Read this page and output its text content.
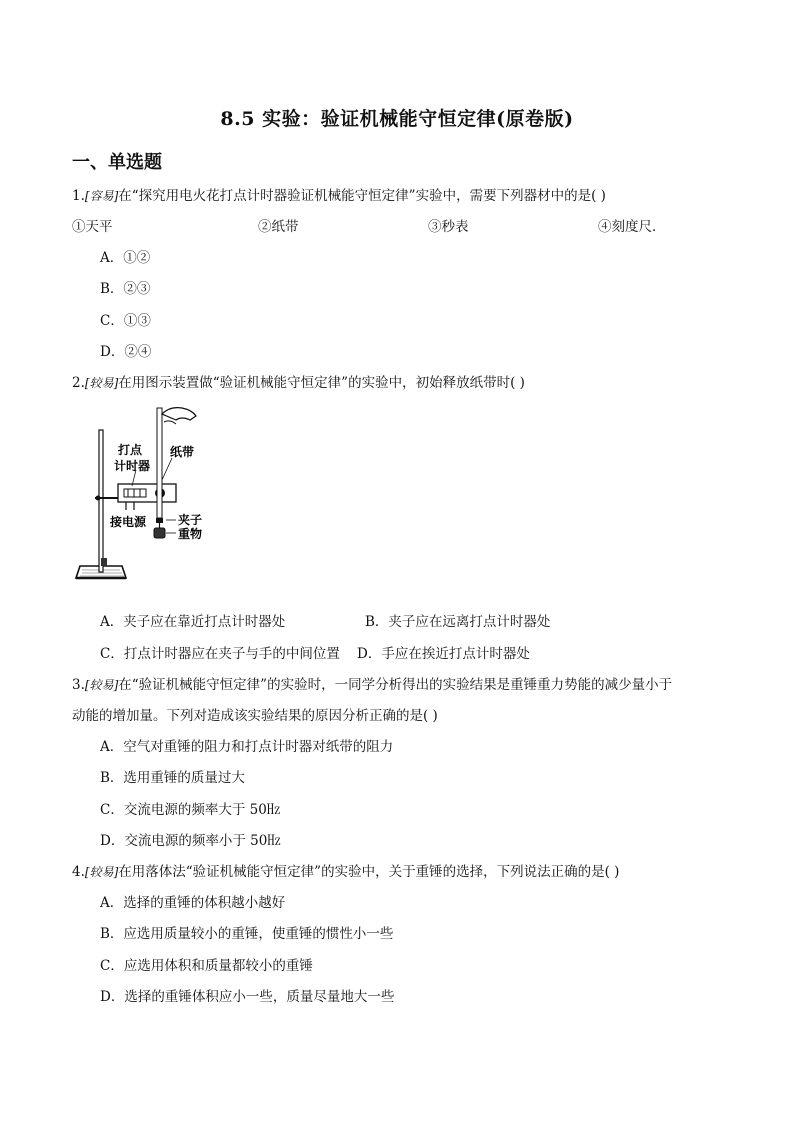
8.5 实验：验证机械能守恒定律(原卷版)
一、单选题
1.[容易]在“探究用电火花打点计时器验证机械能守恒定律”实验中，需要下列器材中的是( )
①天平	②纸带	③秒表	④刻度尺．
A．①②
B．②③
C．①③
D．②④
2.[较易]在用图示装置做“验证机械能守恒定律”的实验中，初始释放纸带时( )
打点
计时器
纸带
夹子
接电源
重物
A．夹子应在靠近打点计时器处	B．夹子应在远离打点计时器处
C．打点计时器应在夹子与手的中间位置 D．手应在挨近打点计时器处
3.[较易]在“验证机械能守恒定律”的实验时，一同学分析得出的实验结果是重锤重力势能的减少量小于
动能的增加量。下列对造成该实验结果的原因分析正确的是( )
A．空气对重锤的阻力和打点计时器对纸带的阻力
B．选用重锤的质量过大
C．交流电源的频率大于 50㎐
D．交流电源的频率小于 50㎐
4.[较易]在用落体法“验证机械能守恒定律”的实验中，关于重锤的选择，下列说法正确的是( )
A．选择的重锤的体积越小越好
B．应选用质量较小的重锤，使重锤的惯性小一些
C．应选用体积和质量都较小的重锤
D．选择的重锤体积应小一些，质量尽量地大一些
